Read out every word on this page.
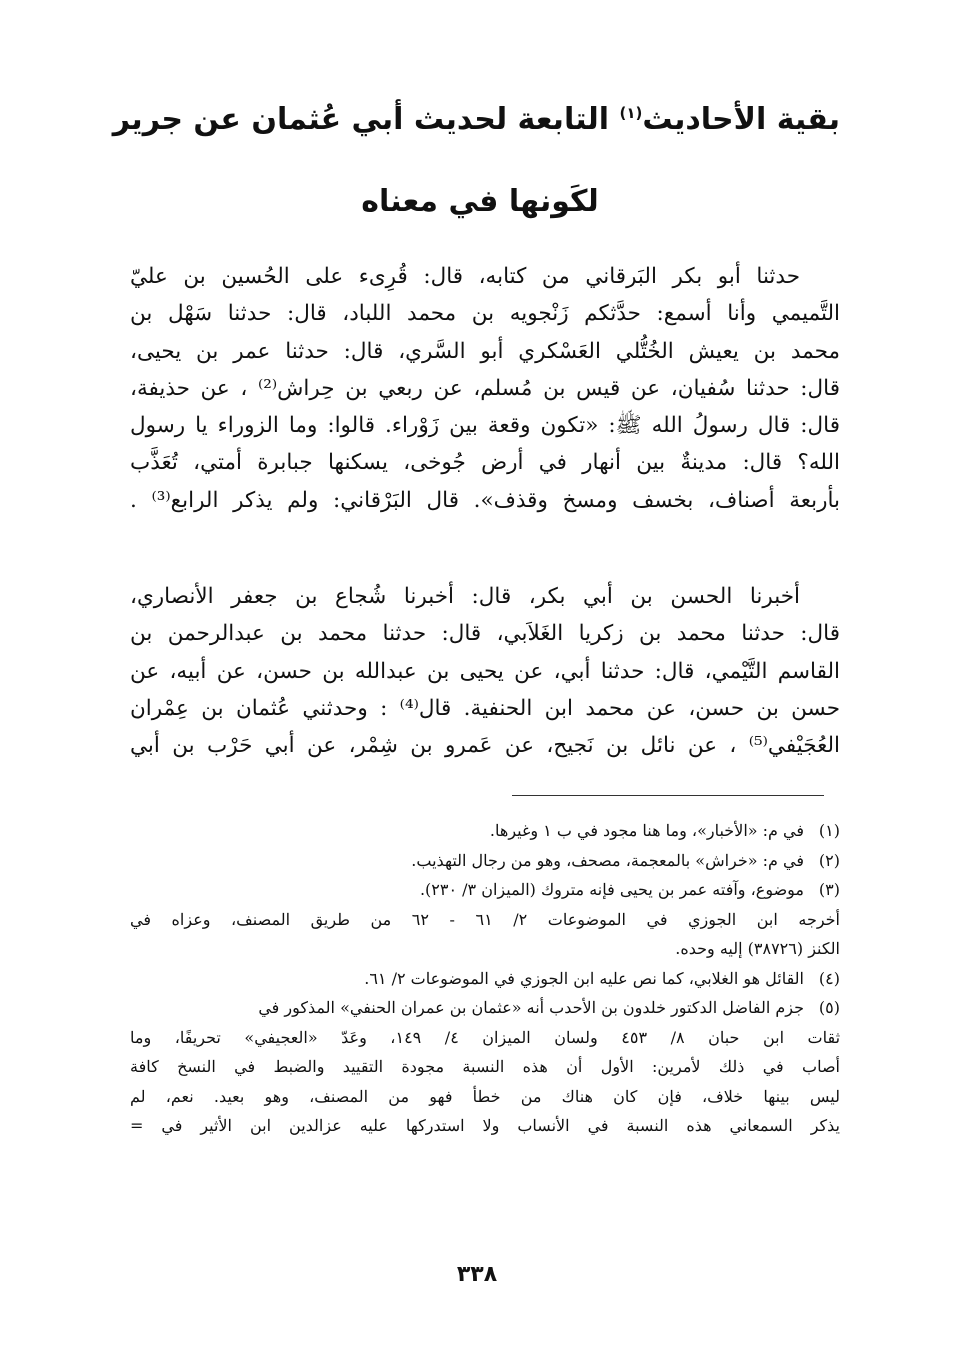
بقية الأحاديث$^{(١)}$ التابعة لحديث أبي عُثمان عن جرير
لكَونها في معناه
حدثنا أبو بكر البَرقاني من كتابه، قال: قُرِىء على الحُسين بن عليّ
التَّميمي وأنا أسمع: حدَّثكم زَنْجويه بن محمد اللباد، قال: حدثنا سَهْل بن
محمد بن يعيش الخُتُّلي العَسْكري أبو السَّري، قال: حدثنا عمر بن يحيى،
قال: حدثنا سُفيان، عن قيس بن مُسلم، عن ربعي بن حِراش⁽²⁾ ، عن حذيفة،
قال: قال رسولُ الله ﷺ: «تكون وقعة بين زَوْراء. قالوا: وما الزوراء يا رسول
الله؟ قال: مدينةٌ بين أنهار في أرض جُوخى، يسكنها جبابرة أمتي، تُعَذَّب
بأربعة أصناف، بخسف ومسخ وقذف». قال البَرْقاني: ولم يذكر الرابع⁽³⁾ .
أخبرنا الحسن بن أبي بكر، قال: أخبرنا شُجاع بن جعفر الأنصاري،
قال: حدثنا محمد بن زكريا الغَلاَبي، قال: حدثنا محمد بن عبدالرحمن بن
القاسم التَّيْمي، قال: حدثنا أبي، عن يحيى بن عبدالله بن حسن، عن أبيه، عن
حسن بن حسن، عن محمد ابن الحنفية. قال⁽⁴⁾ : وحدثني عُثمان بن عِمْران
العُجَيْفي⁽⁵⁾ ، عن نائل بن نَجيح، عن عَمرو بن شِمْر، عن أبي حَرْب بن أبي
(١)في م: «الأخبار»، وما هنا مجود في ب ١ وغيرها.
(٢)في م: «خراش» بالمعجمة، مصحف، وهو من رجال التهذيب.
(٣)موضوع، وآفته عمر بن يحيى فإنه متروك (الميزان ٣/ ٢٣٠).
أخرجه ابن الجوزي في الموضوعات ٢/ ٦١ - ٦٢ من طريق المصنف، وعزاه في
الكنز (٣٨٧٢٦) إليه وحده.
(٤)القائل هو الغلابي، كما نص عليه ابن الجوزي في الموضوعات ٢/ ٦١.
(٥)جزم الفاضل الدكتور خلدون بن الأحدب أنه «عثمان بن عمران الحنفي» المذكور في
ثقات ابن حبان ٨/ ٤٥٣ ولسان الميزان ٤/ ١٤٩، وعَدّ «العجيفي» تحريفًا، وما
أصاب في ذلك لأمرين: الأول أن هذه النسبة مجودة التقييد والضبط في النسخ كافة
ليس بينها خلاف، فإن كان هناك من خطأ فهو من المصنف، وهو بعيد. نعم، لم
يذكر السمعاني هذه النسبة في الأنساب ولا استدركها عليه عزالدين ابن الأثير في =
٣٣٨
